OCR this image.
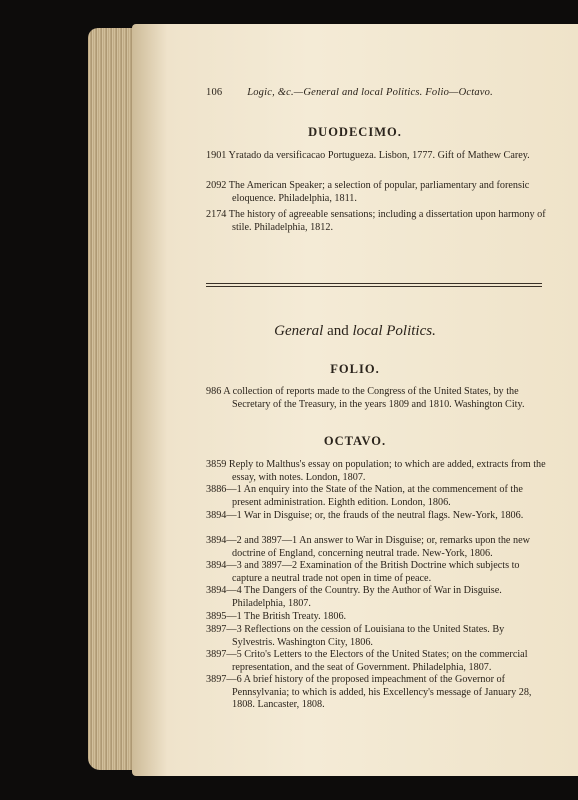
106 Logic, &c.—General and local Politics. Folio—Octavo.
DUODECIMO.
1901 Yratado da versificacao Portugueza. Lisbon, 1777. Gift of Mathew Carey.
2092 The American Speaker; a selection of popular, parliamentary and forensic eloquence. Philadelphia, 1811.
2174 The history of agreeable sensations; including a dissertation upon harmony of stile. Philadelphia, 1812.
General and local Politics.
FOLIO.
986 A collection of reports made to the Congress of the United States, by the Secretary of the Treasury, in the years 1809 and 1810. Washington City.
OCTAVO.
3859 Reply to Malthus's essay on population; to which are added, extracts from the essay, with notes. London, 1807.
3886—1 An enquiry into the State of the Nation, at the commencement of the present administration. Eighth edition. London, 1806.
3894—1 War in Disguise; or, the frauds of the neutral flags. New-York, 1806.
3894—2 and 3897—1 An answer to War in Disguise; or, remarks upon the new doctrine of England, concerning neutral trade. New-York, 1806.
3894—3 and 3897—2 Examination of the British Doctrine which subjects to capture a neutral trade not open in time of peace.
3894—4 The Dangers of the Country. By the Author of War in Disguise. Philadelphia, 1807.
3895—1 The British Treaty. 1806.
3897—3 Reflections on the cession of Louisiana to the United States. By Sylvestris. Washington City, 1806.
3897—5 Crito's Letters to the Electors of the United States; on the commercial representation, and the seat of Government. Philadelphia, 1807.
3897—6 A brief history of the proposed impeachment of the Governor of Pennsylvania; to which is added, his Excellency's message of January 28, 1808. Lancaster, 1808.
